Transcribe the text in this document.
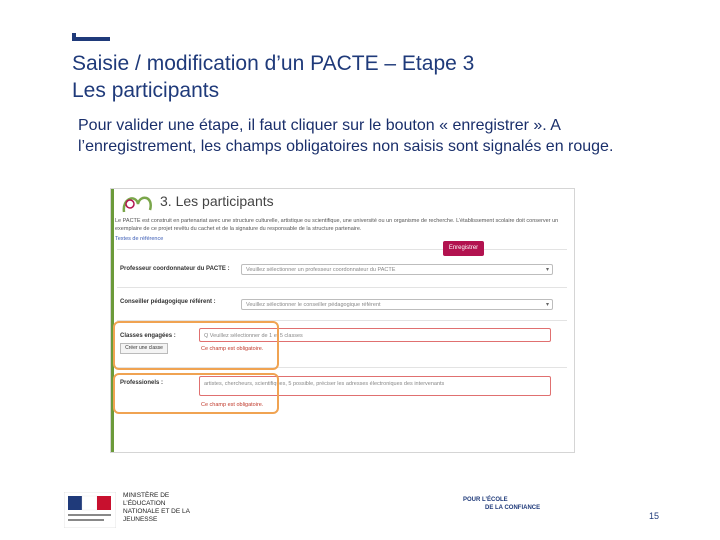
Saisie / modification d’un PACTE – Etape 3
Les participants
Pour valider une étape, il faut cliquer sur le bouton « enregistrer ». A l’enregistrement, les champs obligatoires non saisis sont signalés en rouge.
3. Les participants
Le PACTE est construit en partenariat avec une structure culturelle, artistique ou scientifique, une université ou un organisme de recherche. L’établissement scolaire doit conserver un exemplaire de ce projet revêtu du cachet et de la signature du responsable de la structure partenaire.
Textes de référence
Professeur coordonnateur du PACTE :	Veuillez sélectionner un professeur coordonnateur du PACTE	▾
Conseiller pédagogique référent :	Veuillez sélectionner le conseiller pédagogique référent	▾
Classes engagées :	Q Veuillez sélectionner de 1 et 5 classes
Ce champ est obligatoire.
Créer une classe
Professionels :	artistes, chercheurs, scientifiques, 5 possible, préciser les adresses électroniques des intervenants
Ce champ est obligatoire.
Enregistrer
MINISTÈRE DE L’ÉDUCATION NATIONALE ET DE LA JEUNESSE
POUR L’ÉCOLE
DE LA CONFIANCE
15
